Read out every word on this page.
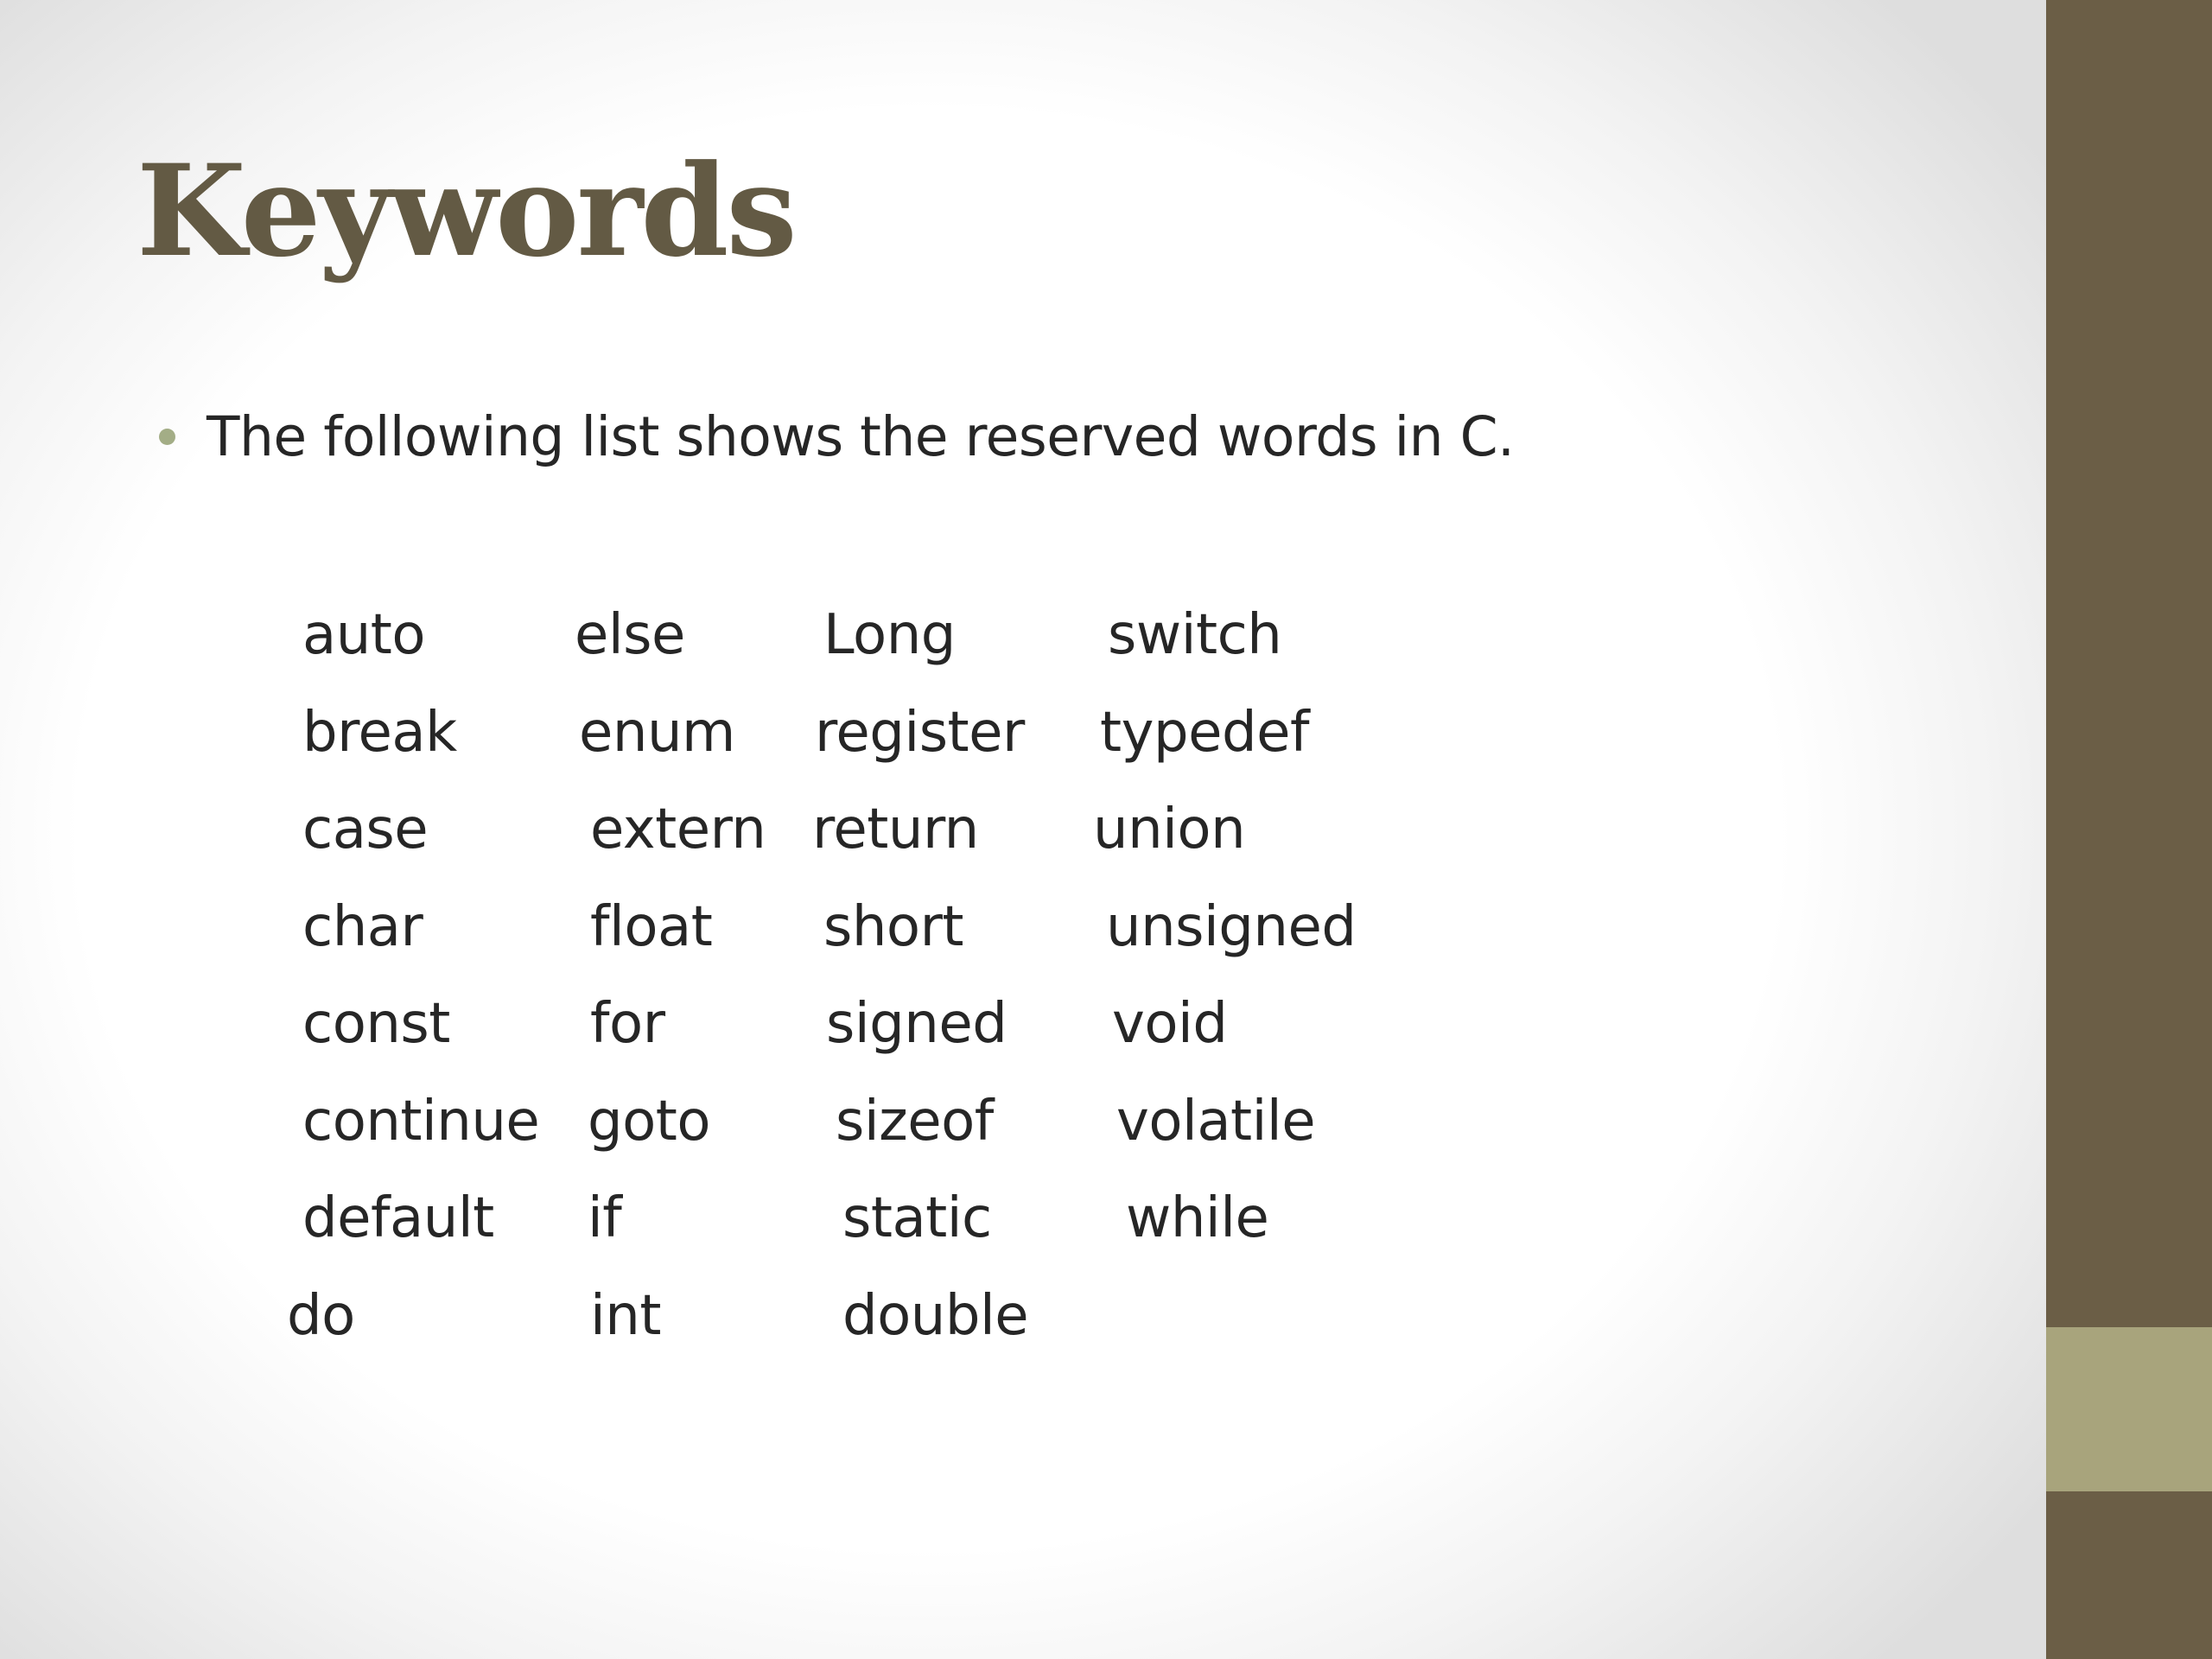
Keywords
The following list shows the reserved words in C.
auto	else	Long	switch
break enum register typedef
case	extern return union
char	float short	unsigned
const	for	signed void
continue goto sizeof volatile
default if	static while
do	int	double
